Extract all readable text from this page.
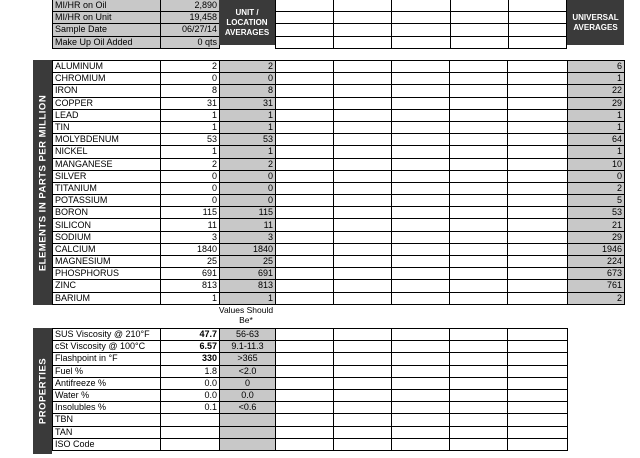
MI/HR on Oil	2,890
MI/HR on Unit	19,458
Sample Date	06/27/14
Make Up Oil Added	0 qts
UNIT / LOCATION AVERAGES
UNIVERSAL AVERAGES

ELEMENTS IN PARTS PER MILLION
ALUMINUM	2	2						6
CHROMIUM	0	0						1
IRON	8	8						22
COPPER	31	31						29
LEAD	1	1						1
TIN	1	1						1
MOLYBDENUM	53	53						64
NICKEL	1	1						1
MANGANESE	2	2						10
SILVER	0	0						0
TITANIUM	0	0						2
POTASSIUM	0	0						5
BORON	115	115						53
SILICON	11	11						21
SODIUM	3	3						29
CALCIUM	1840	1840						1946
MAGNESIUM	25	25						224
PHOSPHORUS	691	691						673
ZINC	813	813						761
BARIUM	1	1						2
Values Should Be*
PROPERTIES
SUS Viscosity @ 210°F	47.7	56-63					
cSt Viscosity @ 100°C	6.57	9.1-11.3					
Flashpoint in °F	330	>365					
Fuel %	1.8	<2.0					
Antifreeze %	0.0	0					
Water %	0.0	0.0					
Insolubles %	0.1	<0.6					
TBN							
TAN							
ISO Code							
